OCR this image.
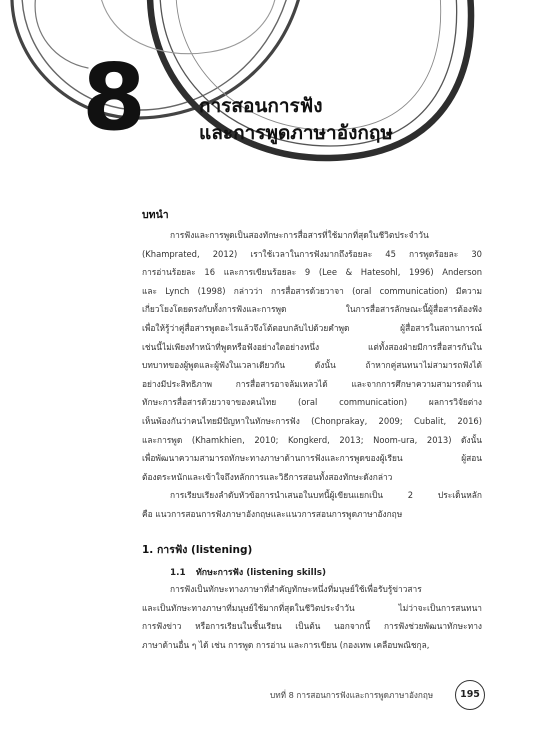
8	การสอนการฟัง
และการพูดภาษาอังกฤษ
บทนำ
การฟังและการพูดเป็นสองทักษะการสื่อสารที่ใช้มากที่สุดในชีวิตประจำวัน
(Khamprated, 2012) เราใช้เวลาในการฟังมากถึงร้อยละ 45 การพูดร้อยละ 30
การอ่านร้อยละ 16 และการเขียนร้อยละ 9 (Lee & Hatesohl, 1996) Anderson
และ Lynch (1998) กล่าวว่า การสื่อสารด้วยวาจา (oral communication) มีความ
เกี่ยวโยงโดยตรงกับทั้งการฟังและการพูด ในการสื่อสารลักษณะนี้ผู้สื่อสารต้องฟัง
เพื่อให้รู้ว่าคู่สื่อสารพูดอะไรแล้วจึงโต้ตอบกลับไปด้วยคำพูด ผู้สื่อสารในสถานการณ์
เช่นนี้ไม่เพียงทำหน้าที่พูดหรือฟังอย่างใดอย่างหนึ่ง แต่ทั้งสองฝ่ายมีการสื่อสารกันใน
บทบาทของผู้พูดและผู้ฟังในเวลาเดียวกัน ดังนั้น ถ้าหากคู่สนทนาไม่สามารถฟังได้
อย่างมีประสิทธิภาพ การสื่อสารอาจล้มเหลวได้ และจากการศึกษาความสามารถด้าน
ทักษะการสื่อสารด้วยวาจาของคนไทย (oral communication) ผลการวิจัยต่าง
เห็นพ้องกันว่าคนไทยมีปัญหาในทักษะการฟัง (Chonprakay, 2009; Cubalit, 2016)
และการพูด (Khamkhien, 2010; Kongkerd, 2013; Noom-ura, 2013) ดังนั้น
เพื่อพัฒนาความสามารถทักษะทางภาษาด้านการฟังและการพูดของผู้เรียน ผู้สอน
ต้องตระหนักและเข้าใจถึงหลักการและวิธีการสอนทั้งสองทักษะดังกล่าว
การเรียบเรียงลำดับหัวข้อการนำเสนอในบทนี้ผู้เขียนแยกเป็น 2 ประเด็นหลัก
คือ แนวการสอนการฟังภาษาอังกฤษและแนวการสอนการพูดภาษาอังกฤษ
1. การฟัง (listening)
1.1 ทักษะการฟัง (listening skills)
การฟังเป็นทักษะทางภาษาที่สำคัญทักษะหนึ่งที่มนุษย์ใช้เพื่อรับรู้ข่าวสาร
และเป็นทักษะทางภาษาที่มนุษย์ใช้มากที่สุดในชีวิตประจำวัน ไม่ว่าจะเป็นการสนทนา
การฟังข่าว หรือการเรียนในชั้นเรียน เป็นต้น นอกจากนี้ การฟังช่วยพัฒนาทักษะทาง
ภาษาด้านอื่น ๆ ได้ เช่น การพูด การอ่าน และการเขียน (กองเทพ เคลือบพณิชกุล,
บทที่ 8 การสอนการฟังและการพูดภาษาอังกฤษ	195
